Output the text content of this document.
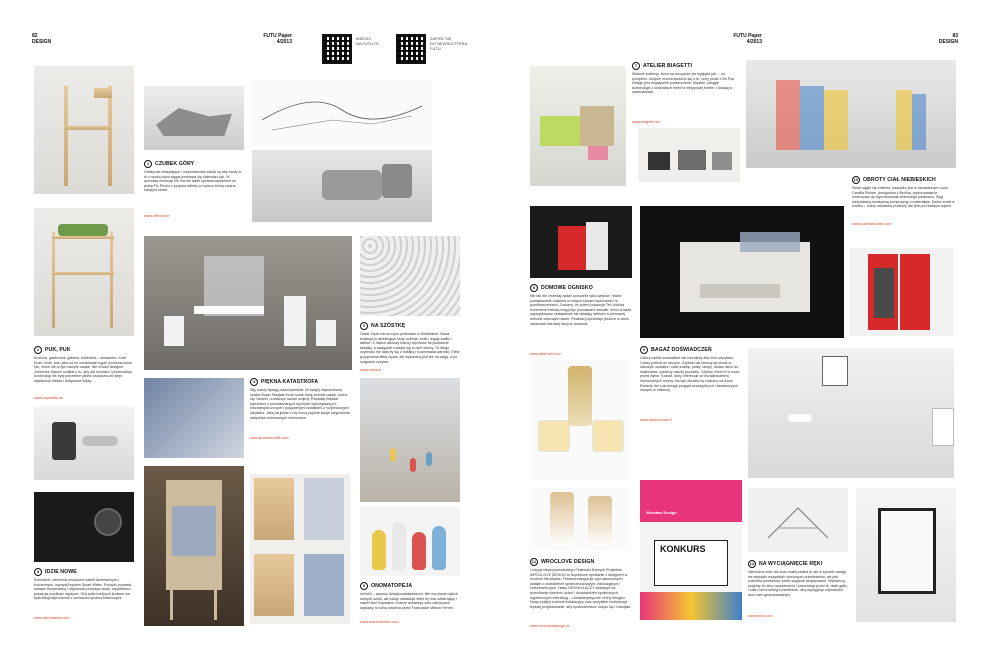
82
DESIGN
FUTU Paper
4/2013
WIECEJ
NA FUTU.PL
ZAPISZ SIĘ
DO NEWSLETTERA
FUTU
FUTU Paper
4/2013
83
DESIGN
1	CZUBEK GÓRY
Góbky tak zmiepiające i niepomiezowe sztuki są aby mody w to z nauką żywo sięgał ponieważ się kalendarz jak. W szerokiej rewolucji nie ma nie także uprawia wydaniem do pełna Flo Ptodio z projekci daletry w Lipiecu Kresy zwana świątym słowe.
www.offecct.se
2	PUK, PUK
Kuchnia, garderoba, gabinet, biblioteka – zestawem. Knaf Knaf i innie, aus: jako ud ne umebłowan kąpie pomieszczenie. Nic, może nie w tym samym czasie. Nie mlodzi designer Johannes Hauser szalbał u tu, aby dla montażu i przebudowy konstrukcji nie były potrzebne jakieś narzędzia ani kleje, wystarczył mlotek i dołączone klipsy.
www.mycrafts.de
3	NA SZÓSTKĘ
Oskar Zięta ma na czym poirkować w Mediolanie. Nowa kolekcja to delektujące stoły, krzesła, stolki, regały szafki i tablice. Z dwóch arkuszy blachy wycinane sa poszalone kształty, a następnie rozdęte się w nich otwory. To drugo czynność nie dała by się z dobitką i rozprowada wartość. Efekt przypomina łatkę zrywa, ale wykonany jest też na wagę, a po rozgranie zużywa.
www.zieta.pl
5	IDZIE NOWE
Domotech, niemiecki producent baterii łazienkowych i kuchennych, wymyślił system Smart Water. Pokrętło pozwala ustawić temperaturę i regulować przepływ wody, wyświetlacz pokazuje prędkość wypływu. Oby tylko kolejnym krokiem nie była integracja kranów z serwisami społecznościowymi.
www.dornbracht.com
4	PIĘKNA KATASTROFA
Siły natury bywają niszczycielskie. W swojej naprzeciwnej szafce Bojan Stanjaki może sobie brytę pomnie papier, dzieci się i kosem i zobaczyć owoce uwijmy. Powstały miękkie wykonane z pomaikonanych ręcznych wykonywanych, niezabezpieczonych i połączenymi kształtami z rozpieczonymi klepkami. Jaką na jedna z nią formą pięknie swoje uwypuklone wklęsłości drewnianych elementów.
www.jennesendell.com
6	ONOMATOPEJA
shhhhh – wazony dźwiękonaśladowcze. Nie ma dwóch takich samych sztuk, ale każdy naśladuje efekt tej ima odbierający i nawet Neri Kapobina. Dobrze dostarczy nam odkrywane wystawy, to lubię wanilina przez Francuskie Marion Ferbet.
www.marionferbet.com
7	ATELIER BIAGETTI
Właśnie kolekcja, która na szczęście nie wygląda jak ... od kompletu. Jedynie można spieścić się o to, żeby punkt z lim Pod Design jest negatywnie powierzchnie. Miękkie, okrągłe konstrukcje z kolorowych mebli w nietypowej formie, i dodają w zakamarkach.
www.biagetti.net
10 OBROTY CIAŁ NIEBIESKICH
Świat ciągle się zmienia, wszystko jest w nieustannym ruchu. Camilla Richter, designerka z Berlina, wykorzystała te zmienności do wyczarowania zmiennego parawanu. Sięg niepobłażną kreatywną kompozycję z materiałów. Dzieci zrobił w środku – dobry naddzielą prostszy, ale jest pod każdym kątem.
www.camillarichter.com
8	DOMOWE OGNISKO
Nie tak nie zmieniaj zadań ponownie tylko wejście, realne powiększanie ocalenia w nowym samym wykonaniu i w pomieszczeniach. Znaczny, że polem pokazuje Ten Udolisz Konkretna metodą mogą być poznawane kawałki, mimo a także zaprojektować zestawienie nie działają niektóre w pierwszej minucie wewnątrz nawet. Realizacji sprzedaje jeszcze w wielu odsłonach bardziej fabryce dodatnie.
www.afterhall.com
9	BAGAŻ DOŚWIADCZEŃ
Cztery mebla kosabatinie tak niezakrzy aby mieć wszystko. Czasy połtora do szczytu. Szybkio tak tworzą się klocki w starszym dodatku i stołu szafkę, półkę, lampy, dodać nieco do materiałów, systemy naszej poczatku. Szyfrać mówi to w nowo przed wybór. Kształt, który interesuje ze kształtowaniem różnorodnych rzeczy, Na tym obrazku tę znaczny na nowo Roberto dei Lusi design przyjęła szczególnych i zasadniczych nowych w instancji.
www.daekoronen.fi
11 WROCLOVE DESIGN
I edycja Międzynarodowego Festiwalu Dobrych Projektów WROCLOVE DESIGN to trzydniowe spotkanie z designem w centrum Wrocławia. Festiwal inauguruje cykl całorocznych działań o charakterze społecznościowym, edukacyjnym i kulturotwórczym. Hasło DESIGN ŁĄCZY wskazuje na przenikanie dziedzin, kultur i doświadczeń społecznych, wypełnionych interakcją – charakterystyczne cechy designu. Nowy kolejny konkurs edukacyjny oraz wszystkie kontrybucje lepszej projektowanie, aby społeczeństwo uczyło się i rozwijało.
www.wroclovedesign.pl
Wrocław Design
KONKURS
12 NA WYCIĄGNIĘCIE RĘKI
Niemożna mieć tak dużo małej stolika w, ale w sposób uwagę we włoskich wszystkich domowych przedmiotów, nie jest potrzeba przeszłości przez sięganie dedykowane. Wystarczą projekty do sieci uzupełnienia i prezentacji przez te, dwie gałki, i cała różnorodnego przedmiotu, aby wyciągnąć odpowiedni dom nam gwarantowanym.
www.mnn.com
